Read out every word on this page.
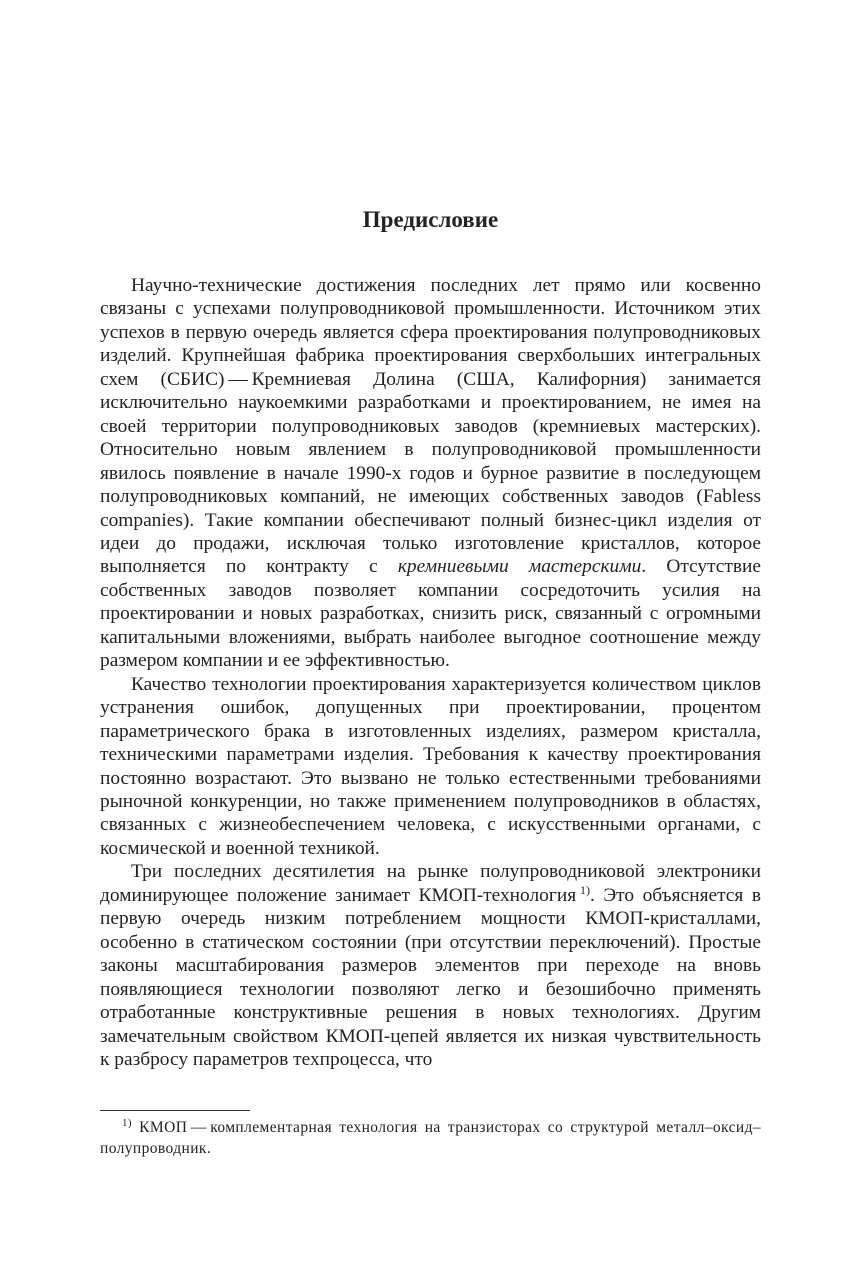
Предисловие

Научно-технические достижения последних лет прямо или косвенно связаны с успехами полупроводниковой промышленности. Источником этих успехов в первую очередь является сфера проектирования полупроводниковых изделий. Крупнейшая фабрика проектирования сверхбольших интегральных схем (СБИС) — Кремниевая Долина (США, Калифорния) занимается исключительно наукоемкими разработками и проектированием, не имея на своей территории полупроводниковых заводов (кремниевых мастерских). Относительно новым явлением в полупроводниковой промышленности явилось появление в начале 1990-х годов и бурное развитие в последующем полупроводниковых компаний, не имеющих собственных заводов (Fabless companies). Такие компании обеспечивают полный бизнес-цикл изделия от идеи до продажи, исключая только изготовление кристаллов, которое выполняется по контракту с кремниевыми мастерскими. Отсутствие собственных заводов позволяет компании сосредоточить усилия на проектировании и новых разработках, снизить риск, связанный с огромными капитальными вложениями, выбрать наиболее выгодное соотношение между размером компании и ее эффективностью.

Качество технологии проектирования характеризуется количеством циклов устранения ошибок, допущенных при проектировании, процентом параметрического брака в изготовленных изделиях, размером кристалла, техническими параметрами изделия. Требования к качеству проектирования постоянно возрастают. Это вызвано не только естественными требованиями рыночной конкуренции, но также применением полупроводников в областях, связанных с жизнеобеспечением человека, с искусственными органами, с космической и военной техникой.

Три последних десятилетия на рынке полупроводниковой электроники доминирующее положение занимает КМОП-технология $^{1)}$. Это объясняется в первую очередь низким потреблением мощности КМОП-кристаллами, особенно в статическом состоянии (при отсутствии переключений). Простые законы масштабирования размеров элементов при переходе на вновь появляющиеся технологии позволяют легко и безошибочно применять отработанные конструктивные решения в новых технологиях. Другим замечательным свойством КМОП-цепей является их низкая чувствительность к разбросу параметров техпроцесса, что

$^{1)}$ КМОП — комплементарная технология на транзисторах со структурой металл–оксид–полупроводник.
